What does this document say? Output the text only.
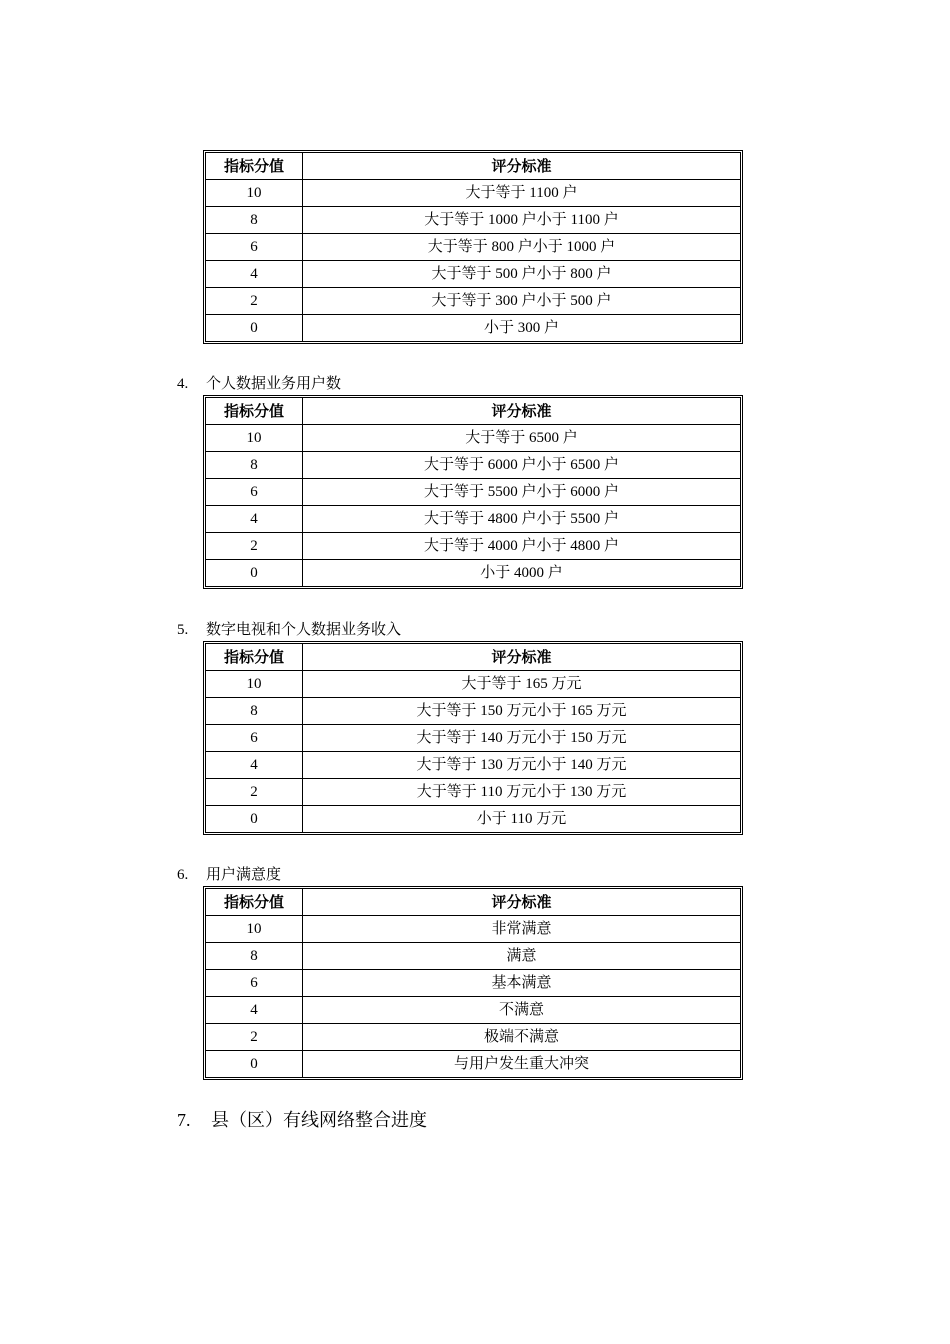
指标分值	评分标准
10	大于等于 1100 户
8	大于等于 1000 户小于 1100 户
6	大于等于 800 户小于 1000 户
4	大于等于 500 户小于 800 户
2	大于等于 300 户小于 500 户
0	小于 300 户
4. 个人数据业务用户数
指标分值	评分标准
10	大于等于 6500 户
8	大于等于 6000 户小于 6500 户
6	大于等于 5500 户小于 6000 户
4	大于等于 4800 户小于 5500 户
2	大于等于 4000 户小于 4800 户
0	小于 4000 户
5. 数字电视和个人数据业务收入
指标分值	评分标准
10	大于等于 165 万元
8	大于等于 150 万元小于 165 万元
6	大于等于 140 万元小于 150 万元
4	大于等于 130 万元小于 140 万元
2	大于等于 110 万元小于 130 万元
0	小于 110 万元
6. 用户满意度
指标分值	评分标准
10	非常满意
8	满意
6	基本满意
4	不满意
2	极端不满意
0	与用户发生重大冲突
7. 县（区）有线网络整合进度
